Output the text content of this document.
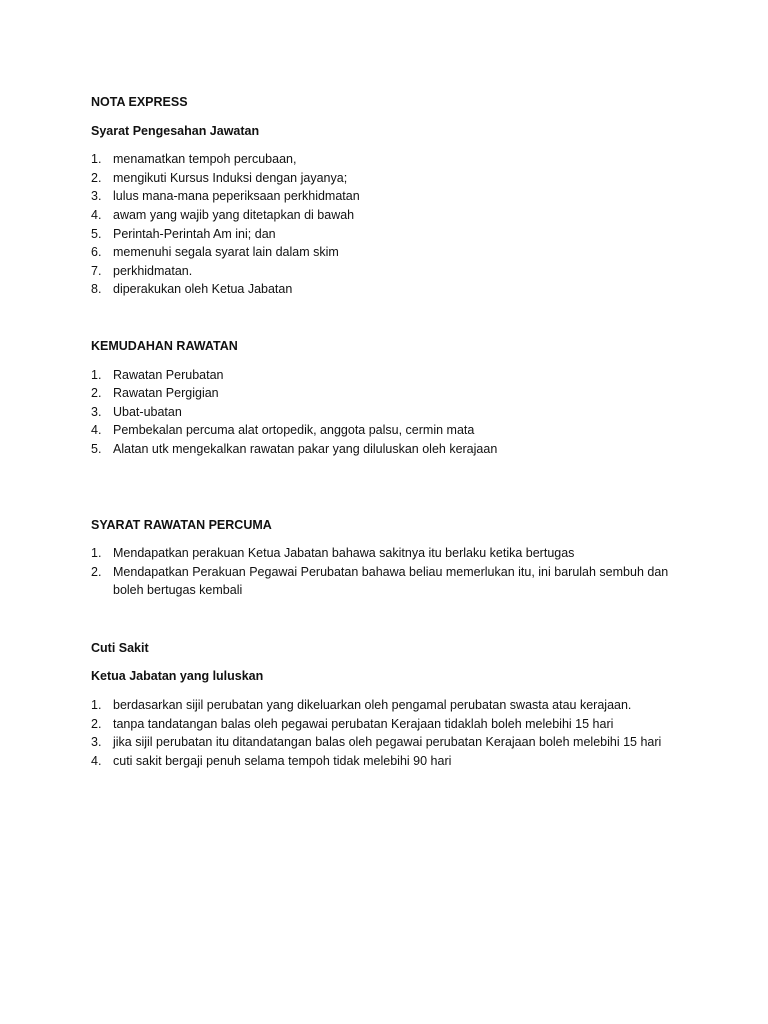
NOTA EXPRESS

Syarat Pengesahan Jawatan

1. menamatkan tempoh percubaan,
2. mengikuti Kursus Induksi dengan jayanya;
3. lulus mana-mana peperiksaan perkhidmatan
4. awam yang wajib yang ditetapkan di bawah
5. Perintah-Perintah Am ini; dan
6. memenuhi segala syarat lain dalam skim
7. perkhidmatan.
8. diperakukan oleh Ketua Jabatan

KEMUDAHAN RAWATAN

1. Rawatan Perubatan
2. Rawatan Pergigian
3. Ubat-ubatan
4. Pembekalan percuma alat ortopedik, anggota palsu, cermin mata
5. Alatan utk mengekalkan rawatan pakar yang diluluskan oleh kerajaan

SYARAT RAWATAN PERCUMA

1. Mendapatkan perakuan Ketua Jabatan bahawa sakitnya itu berlaku ketika bertugas
2. Mendapatkan Perakuan Pegawai Perubatan bahawa beliau memerlukan itu, ini barulah sembuh dan boleh bertugas kembali

Cuti Sakit

Ketua Jabatan yang luluskan

1. berdasarkan sijil perubatan yang dikeluarkan oleh pengamal perubatan swasta atau kerajaan.
2. tanpa tandatangan balas oleh pegawai perubatan Kerajaan tidaklah boleh melebihi 15 hari
3. jika sijil perubatan itu ditandatangan balas oleh pegawai perubatan Kerajaan boleh melebihi 15 hari
4. cuti sakit bergaji penuh selama tempoh tidak melebihi 90 hari
